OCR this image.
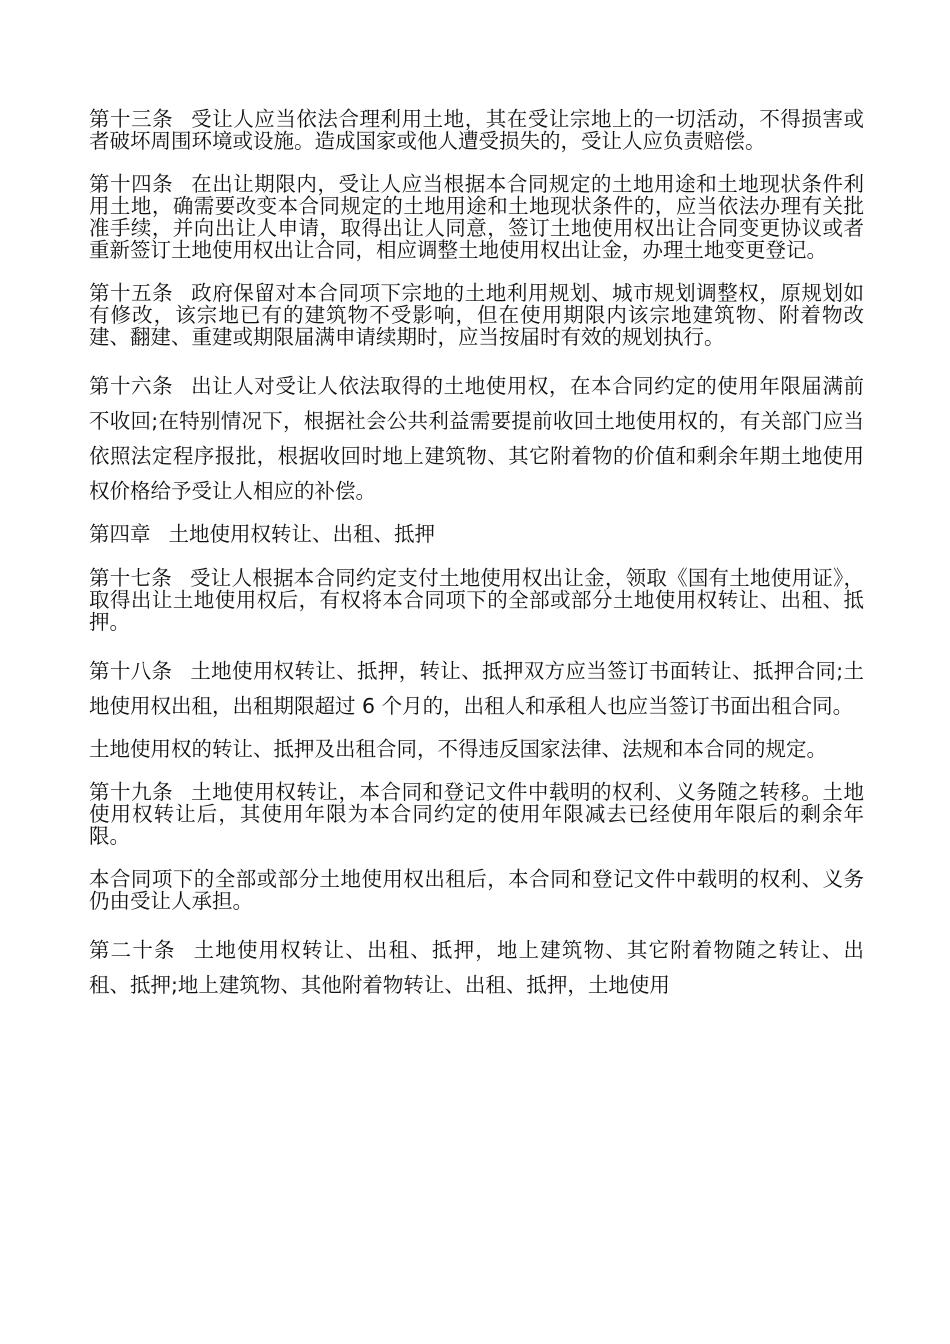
第十三条 受让人应当依法合理利用土地，其在受让宗地上的一切活动，不得损害或者破坏周围环境或设施。造成国家或他人遭受损失的，受让人应负责赔偿。

第十四条 在出让期限内，受让人应当根据本合同规定的土地用途和土地现状条件利用土地，确需要改变本合同规定的土地用途和土地现状条件的，应当依法办理有关批准手续，并向出让人申请，取得出让人同意，签订土地使用权出让合同变更协议或者重新签订土地使用权出让合同，相应调整土地使用权出让金，办理土地变更登记。

第十五条 政府保留对本合同项下宗地的土地利用规划、城市规划调整权，原规划如有修改，该宗地已有的建筑物不受影响，但在使用期限内该宗地建筑物、附着物改建、翻建、重建或期限届满申请续期时，应当按届时有效的规划执行。

第十六条 出让人对受让人依法取得的土地使用权，在本合同约定的使用年限届满前不收回;在特别情况下，根据社会公共利益需要提前收回土地使用权的，有关部门应当依照法定程序报批，根据收回时地上建筑物、其它附着物的价值和剩余年期土地使用权价格给予受让人相应的补偿。

第四章 土地使用权转让、出租、抵押

第十七条 受让人根据本合同约定支付土地使用权出让金，领取《国有土地使用证》，取得出让土地使用权后，有权将本合同项下的全部或部分土地使用权转让、出租、抵押。

第十八条 土地使用权转让、抵押，转让、抵押双方应当签订书面转让、抵押合同;土地使用权出租，出租期限超过 6 个月的，出租人和承租人也应当签订书面出租合同。

土地使用权的转让、抵押及出租合同，不得违反国家法律、法规和本合同的规定。

第十九条 土地使用权转让，本合同和登记文件中载明的权利、义务随之转移。土地使用权转让后，其使用年限为本合同约定的使用年限减去已经使用年限后的剩余年限。

本合同项下的全部或部分土地使用权出租后，本合同和登记文件中载明的权利、义务仍由受让人承担。

第二十条 土地使用权转让、出租、抵押，地上建筑物、其它附着物随之转让、出租、抵押;地上建筑物、其他附着物转让、出租、抵押，土地使用
